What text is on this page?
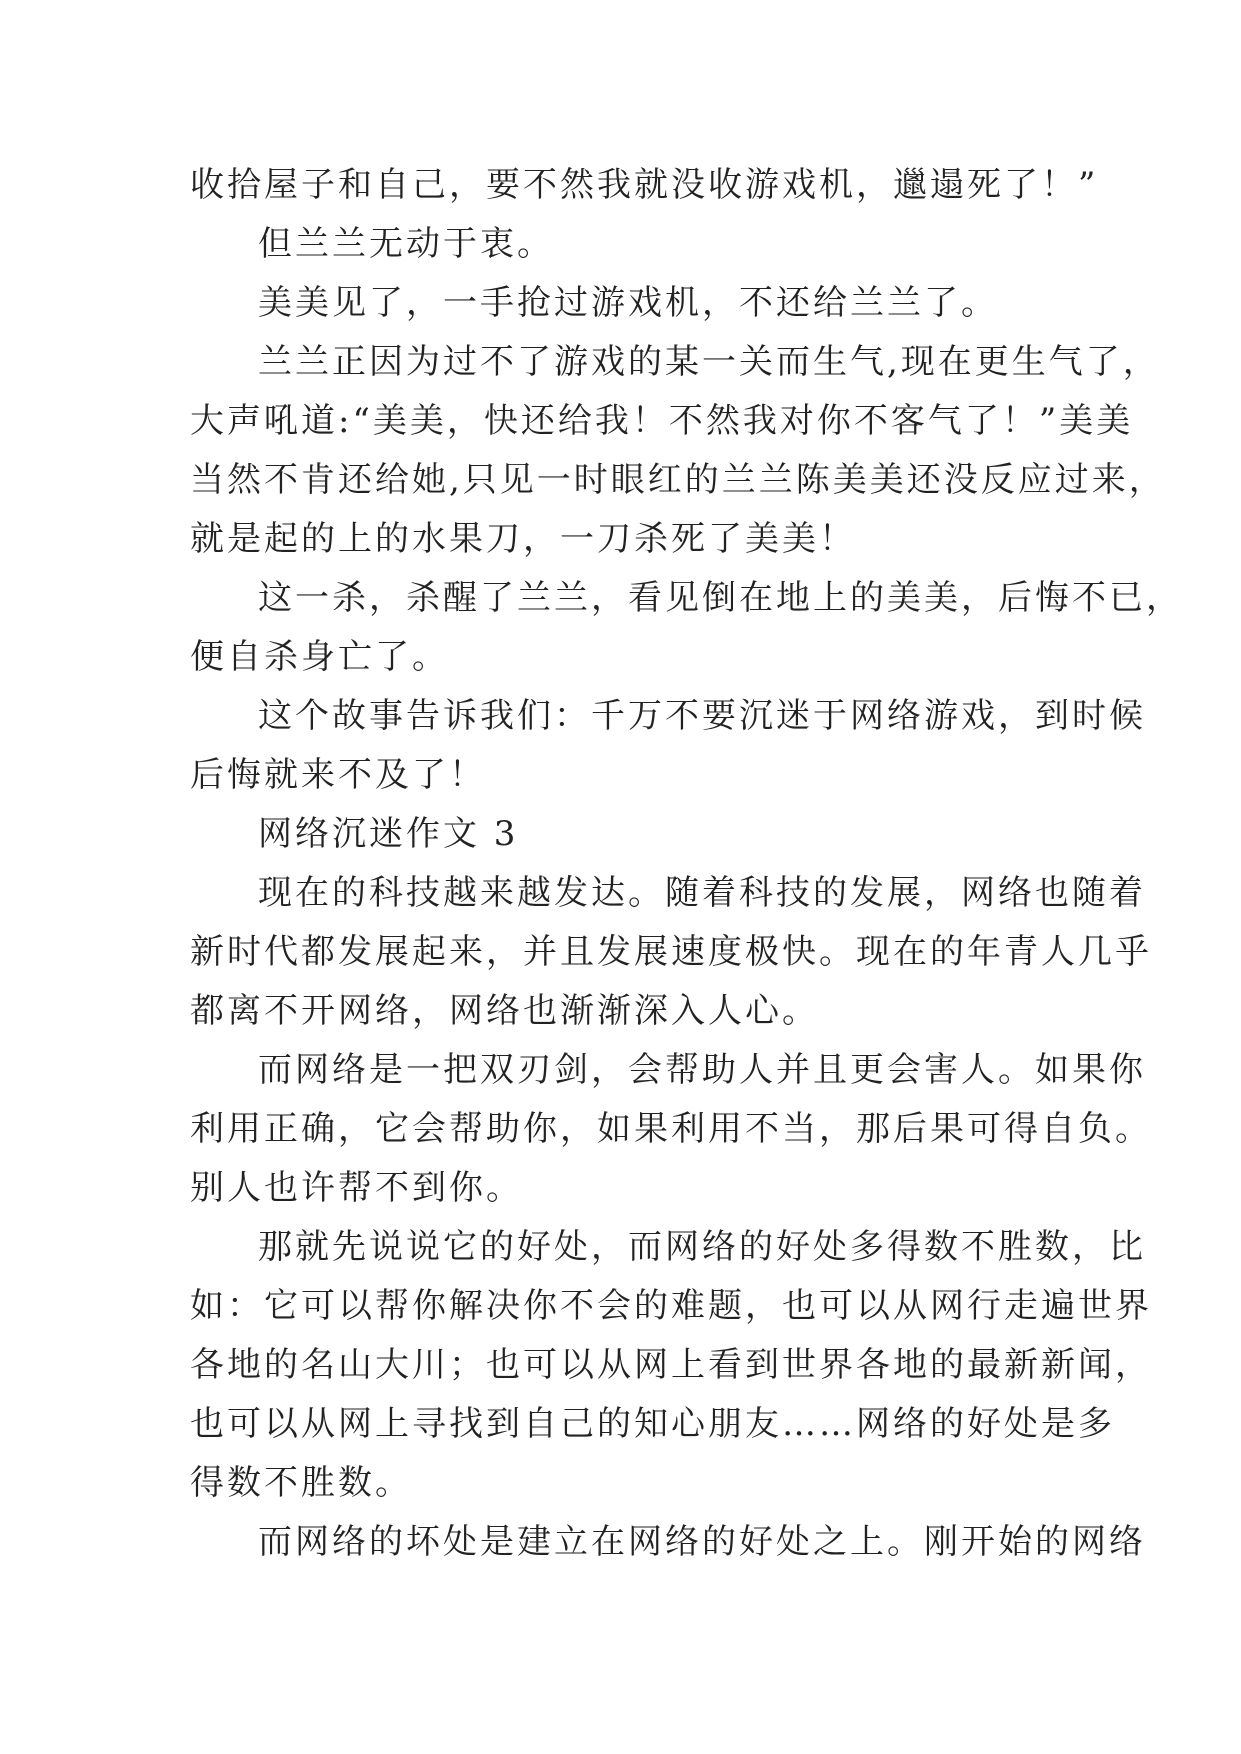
收拾屋子和自己，要不然我就没收游戏机，邋遢死了！”
但兰兰无动于衷。
美美见了，一手抢过游戏机，不还给兰兰了。
兰兰正因为过不了游戏的某一关而生气,现在更生气了，
大声吼道:“美美，快还给我！不然我对你不客气了！”美美
当然不肯还给她,只见一时眼红的兰兰陈美美还没反应过来，
就是起的上的水果刀，一刀杀死了美美！
这一杀，杀醒了兰兰，看见倒在地上的美美，后悔不已，
便自杀身亡了。
这个故事告诉我们：千万不要沉迷于网络游戏，到时候
后悔就来不及了！
网络沉迷作文 3
现在的科技越来越发达。随着科技的发展，网络也随着
新时代都发展起来，并且发展速度极快。现在的年青人几乎
都离不开网络，网络也渐渐深入人心。
而网络是一把双刃剑，会帮助人并且更会害人。如果你
利用正确，它会帮助你，如果利用不当，那后果可得自负。
别人也许帮不到你。
那就先说说它的好处，而网络的好处多得数不胜数，比
如：它可以帮你解决你不会的难题，也可以从网行走遍世界
各地的名山大川；也可以从网上看到世界各地的最新新闻，
也可以从网上寻找到自己的知心朋友……网络的好处是多
得数不胜数。
而网络的坏处是建立在网络的好处之上。刚开始的网络
